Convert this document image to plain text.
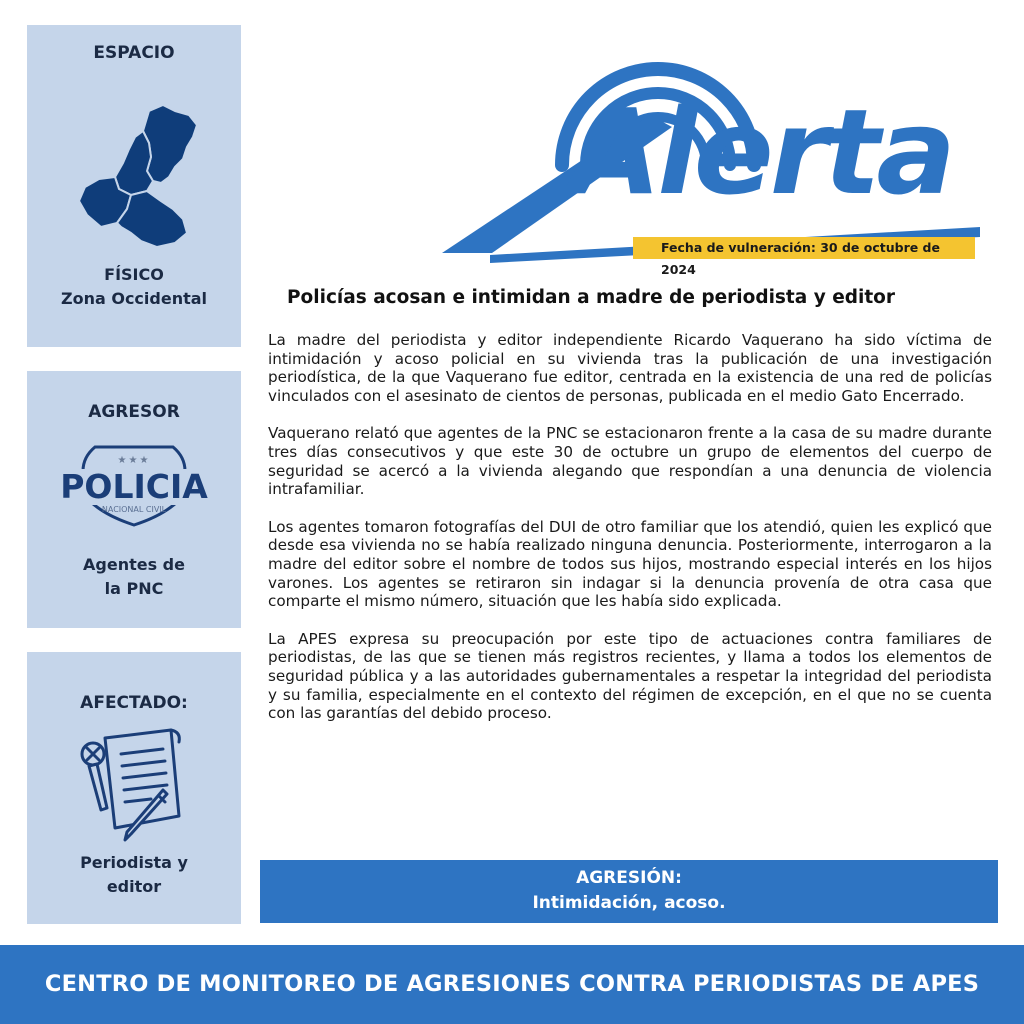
ESPACIO
FÍSICO
Zona Occidental
AGRESOR
★★★
POLICIA
NACIONAL CIVIL
Agentes de
la PNC
AFECTADO:
Periodista y
editor
Alerta
Fecha de vulneración: 30 de octubre de 2024
Policías acosan e intimidan a madre de periodista y editor

La madre del periodista y editor independiente Ricardo Vaquerano ha sido víctima de intimidación y acoso policial en su vivienda tras la publicación de una investigación periodística, de la que Vaquerano fue editor, centrada en la existencia de una red de policías vinculados con el asesinato de cientos de personas, publicada en el medio Gato Encerrado.

Vaquerano relató que agentes de la PNC se estacionaron frente a la casa de su madre durante tres días consecutivos y que este 30 de octubre un grupo de elementos del cuerpo de seguridad se acercó a la vivienda alegando que respondían a una denuncia de violencia intrafamiliar.

Los agentes tomaron fotografías del DUI de otro familiar que los atendió, quien les explicó que desde esa vivienda no se había realizado ninguna denuncia. Posteriormente, interrogaron a la madre del editor sobre el nombre de todos sus hijos, mostrando especial interés en los hijos varones. Los agentes se retiraron sin indagar si la denuncia provenía de otra casa que comparte el mismo número, situación que les había sido explicada.

La APES expresa su preocupación por este tipo de actuaciones contra familiares de periodistas, de las que se tienen más registros recientes, y llama a todos los elementos de seguridad pública y a las autoridades gubernamentales a respetar la integridad del periodista y su familia, especialmente en el contexto del régimen de excepción, en el que no se cuenta con las garantías del debido proceso.

AGRESIÓN:
Intimidación, acoso.
CENTRO DE MONITOREO DE AGRESIONES CONTRA PERIODISTAS DE APES
